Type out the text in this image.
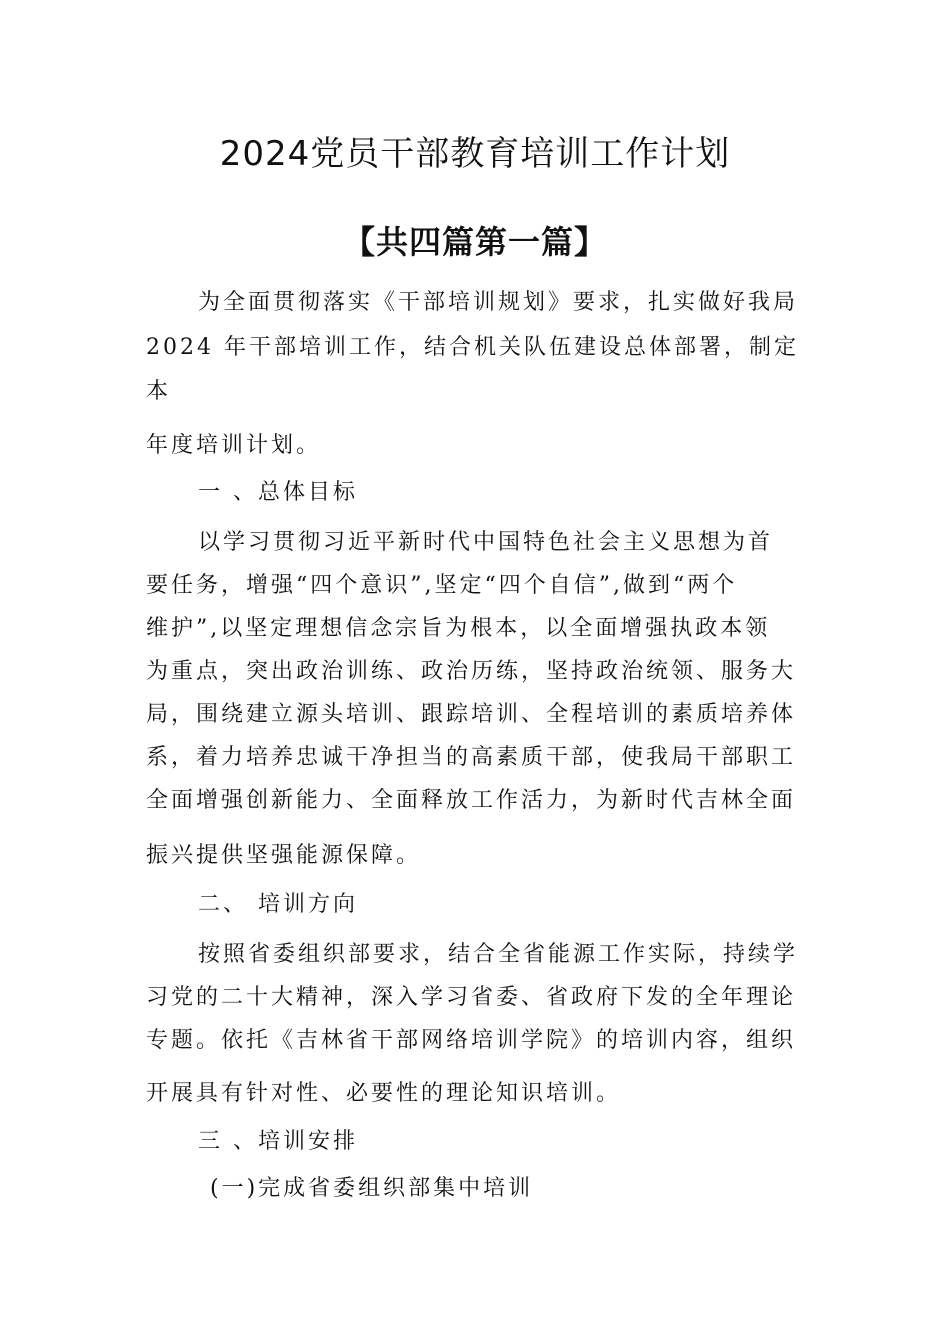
2024党员干部教育培训工作计划
【共四篇第一篇】
为全面贯彻落实《干部培训规划》要求，扎实做好我局
2024 年干部培训工作，结合机关队伍建设总体部署，制定
本
年度培训计划。
一 、总体目标
以学习贯彻习近平新时代中国特色社会主义思想为首
要任务，增强“四个意识”,坚定“四个自信”,做到“两个
维护”,以坚定理想信念宗旨为根本，以全面增强执政本领
为重点，突出政治训练、政治历练，坚持政治统领、服务大
局，围绕建立源头培训、跟踪培训、全程培训的素质培养体
系，着力培养忠诚干净担当的高素质干部，使我局干部职工
全面增强创新能力、全面释放工作活力，为新时代吉林全面
振兴提供坚强能源保障。
二、 培训方向
按照省委组织部要求，结合全省能源工作实际，持续学
习党的二十大精神，深入学习省委、省政府下发的全年理论
专题。依托《吉林省干部网络培训学院》的培训内容，组织
开展具有针对性、必要性的理论知识培训。
三 、培训安排
(一)完成省委组织部集中培训
